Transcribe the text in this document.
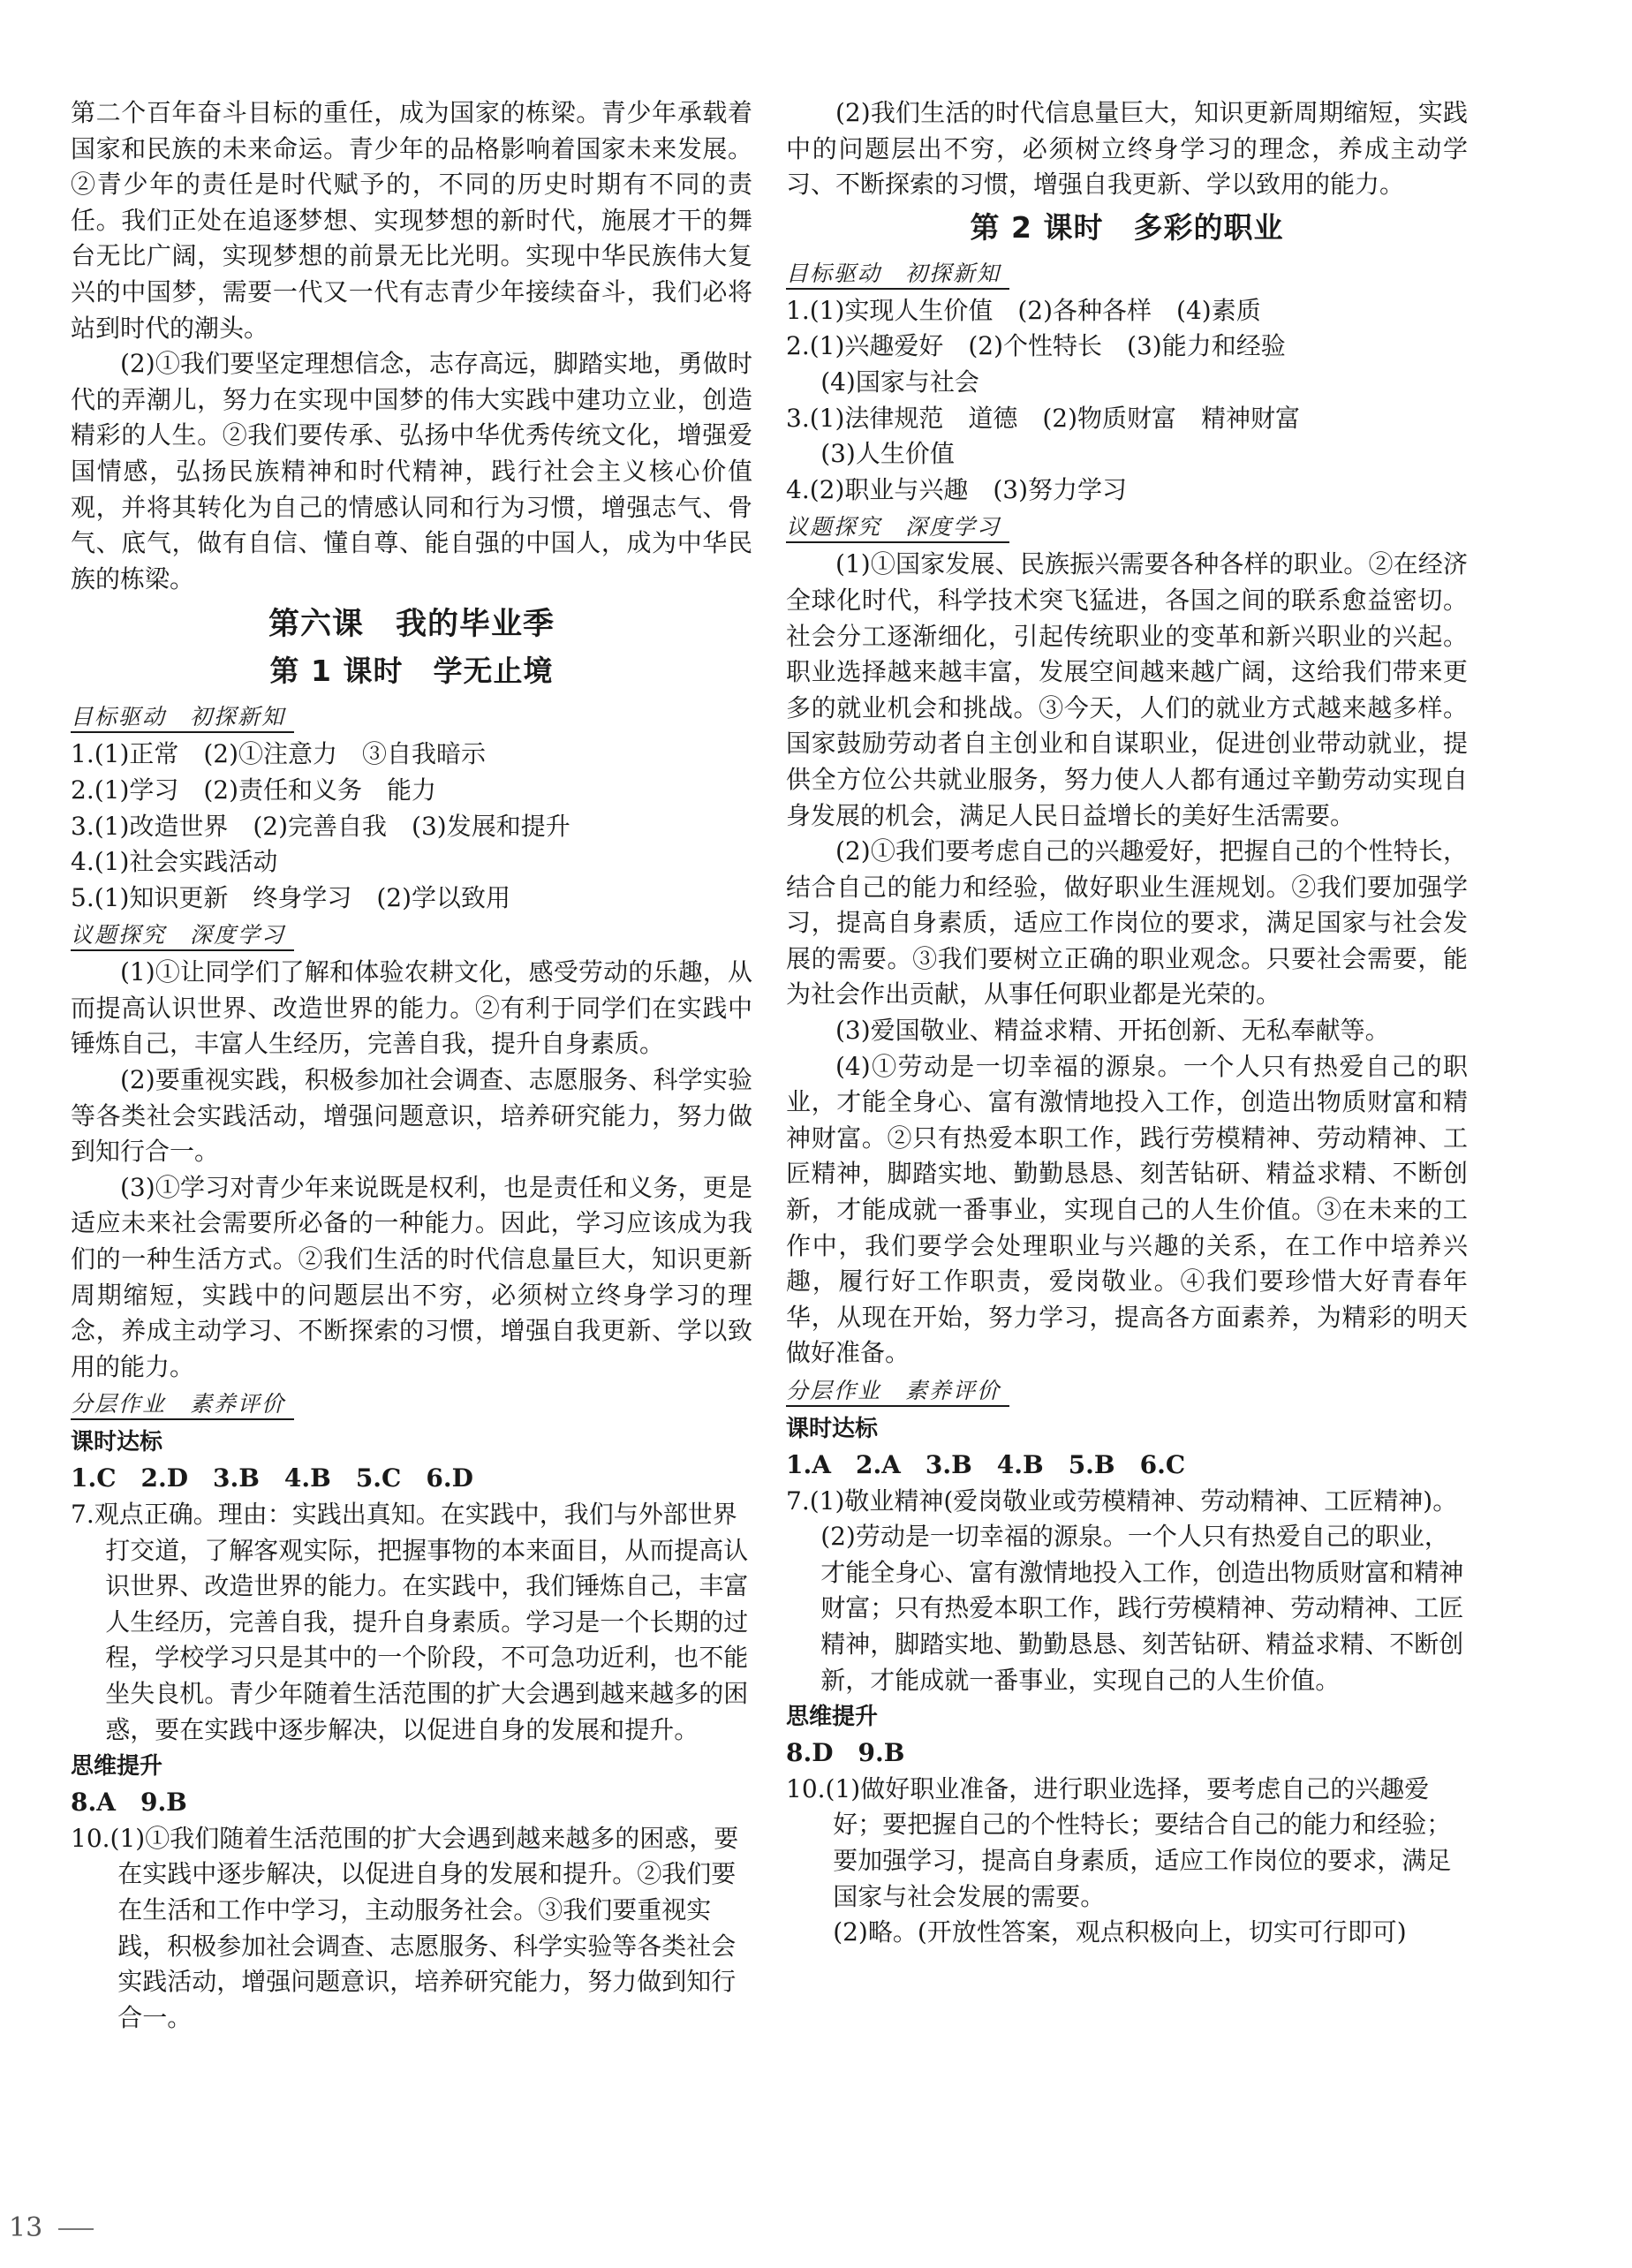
第二个百年奋斗目标的重任，成为国家的栋梁。青少年承载着国家和民族的未来命运。青少年的品格影响着国家未来发展。②青少年的责任是时代赋予的，不同的历史时期有不同的责任。我们正处在追逐梦想、实现梦想的新时代，施展才干的舞台无比广阔，实现梦想的前景无比光明。实现中华民族伟大复兴的中国梦，需要一代又一代有志青少年接续奋斗，我们必将站到时代的潮头。

(2)①我们要坚定理想信念，志存高远，脚踏实地，勇做时代的弄潮儿，努力在实现中国梦的伟大实践中建功立业，创造精彩的人生。②我们要传承、弘扬中华优秀传统文化，增强爱国情感，弘扬民族精神和时代精神，践行社会主义核心价值观，并将其转化为自己的情感认同和行为习惯，增强志气、骨气、底气，做有自信、懂自尊、能自强的中国人，成为中华民族的栋梁。

第六课　我的毕业季
第 1 课时　学无止境
目标驱动　初探新知

1.(1)正常　(2)①注意力　③自我暗示

2.(1)学习　(2)责任和义务　能力

3.(1)改造世界　(2)完善自我　(3)发展和提升

4.(1)社会实践活动

5.(1)知识更新　终身学习　(2)学以致用

议题探究　深度学习

(1)①让同学们了解和体验农耕文化，感受劳动的乐趣，从而提高认识世界、改造世界的能力。②有利于同学们在实践中锤炼自己，丰富人生经历，完善自我，提升自身素质。

(2)要重视实践，积极参加社会调查、志愿服务、科学实验等各类社会实践活动，增强问题意识，培养研究能力，努力做到知行合一。

(3)①学习对青少年来说既是权利，也是责任和义务，更是适应未来社会需要所必备的一种能力。因此，学习应该成为我们的一种生活方式。②我们生活的时代信息量巨大，知识更新周期缩短，实践中的问题层出不穷，必须树立终身学习的理念，养成主动学习、不断探索的习惯，增强自我更新、学以致用的能力。

分层作业　素养评价
课时达标

1.C　2.D　3.B　4.B　5.C　6.D

7.观点正确。理由：实践出真知。在实践中，我们与外部世界打交道，了解客观实际，把握事物的本来面目，从而提高认识世界、改造世界的能力。在实践中，我们锤炼自己，丰富人生经历，完善自我，提升自身素质。学习是一个长期的过程，学校学习只是其中的一个阶段，不可急功近利，也不能坐失良机。青少年随着生活范围的扩大会遇到越来越多的困惑，要在实践中逐步解决，以促进自身的发展和提升。

思维提升

8.A　9.B

10.(1)①我们随着生活范围的扩大会遇到越来越多的困惑，要在实践中逐步解决，以促进自身的发展和提升。②我们要在生活和工作中学习，主动服务社会。③我们要重视实践，积极参加社会调查、志愿服务、科学实验等各类社会实践活动，增强问题意识，培养研究能力，努力做到知行合一。

(2)我们生活的时代信息量巨大，知识更新周期缩短，实践中的问题层出不穷，必须树立终身学习的理念，养成主动学习、不断探索的习惯，增强自我更新、学以致用的能力。

第 2 课时　多彩的职业
目标驱动　初探新知

1.(1)实现人生价值　(2)各种各样　(4)素质

2.(1)兴趣爱好　(2)个性特长　(3)能力和经验

(4)国家与社会

3.(1)法律规范　道德　(2)物质财富　精神财富

(3)人生价值

4.(2)职业与兴趣　(3)努力学习

议题探究　深度学习

(1)①国家发展、民族振兴需要各种各样的职业。②在经济全球化时代，科学技术突飞猛进，各国之间的联系愈益密切。社会分工逐渐细化，引起传统职业的变革和新兴职业的兴起。职业选择越来越丰富，发展空间越来越广阔，这给我们带来更多的就业机会和挑战。③今天，人们的就业方式越来越多样。国家鼓励劳动者自主创业和自谋职业，促进创业带动就业，提供全方位公共就业服务，努力使人人都有通过辛勤劳动实现自身发展的机会，满足人民日益增长的美好生活需要。

(2)①我们要考虑自己的兴趣爱好，把握自己的个性特长，结合自己的能力和经验，做好职业生涯规划。②我们要加强学习，提高自身素质，适应工作岗位的要求，满足国家与社会发展的需要。③我们要树立正确的职业观念。只要社会需要，能为社会作出贡献，从事任何职业都是光荣的。

(3)爱国敬业、精益求精、开拓创新、无私奉献等。

(4)①劳动是一切幸福的源泉。一个人只有热爱自己的职业，才能全身心、富有激情地投入工作，创造出物质财富和精神财富。②只有热爱本职工作，践行劳模精神、劳动精神、工匠精神，脚踏实地、勤勤恳恳、刻苦钻研、精益求精、不断创新，才能成就一番事业，实现自己的人生价值。③在未来的工作中，我们要学会处理职业与兴趣的关系，在工作中培养兴趣，履行好工作职责，爱岗敬业。④我们要珍惜大好青春年华，从现在开始，努力学习，提高各方面素养，为精彩的明天做好准备。

分层作业　素养评价
课时达标

1.A　2.A　3.B　4.B　5.B　6.C

7.(1)敬业精神(爱岗敬业或劳模精神、劳动精神、工匠精神)。

(2)劳动是一切幸福的源泉。一个人只有热爱自己的职业，才能全身心、富有激情地投入工作，创造出物质财富和精神财富；只有热爱本职工作，践行劳模精神、劳动精神、工匠精神，脚踏实地、勤勤恳恳、刻苦钻研、精益求精、不断创新，才能成就一番事业，实现自己的人生价值。

思维提升

8.D　9.B

10.(1)做好职业准备，进行职业选择，要考虑自己的兴趣爱好；要把握自己的个性特长；要结合自己的能力和经验；要加强学习，提高自身素质，适应工作岗位的要求，满足国家与社会发展的需要。

(2)略。(开放性答案，观点积极向上，切实可行即可)

13
